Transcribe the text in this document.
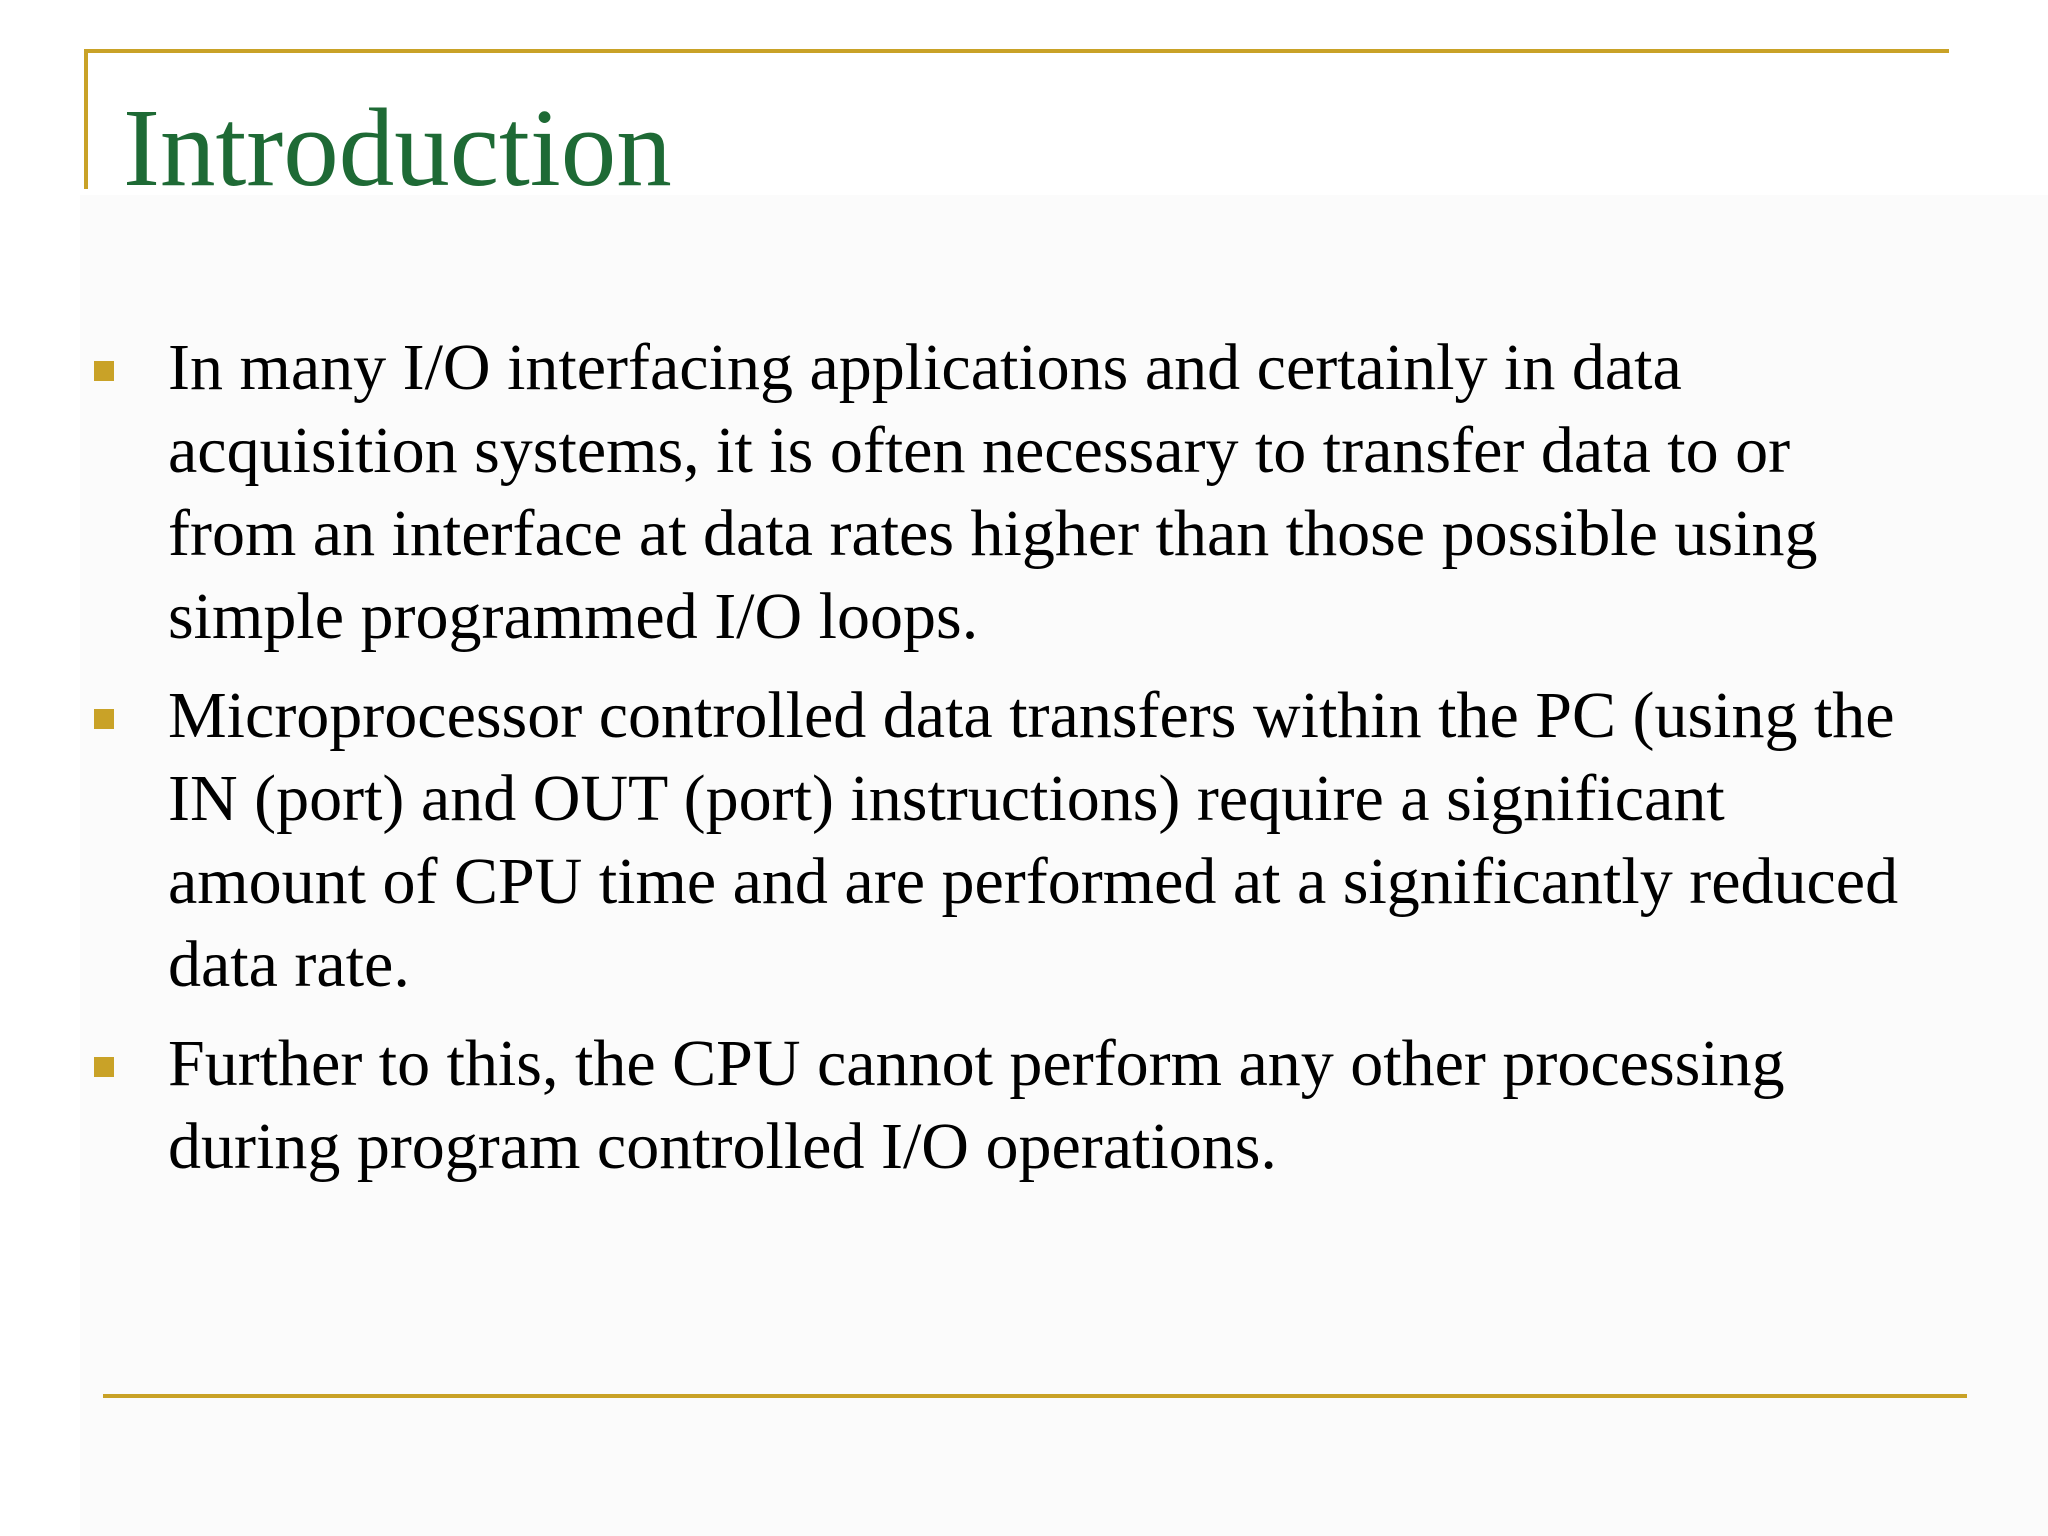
Introduction
In many I/O interfacing applications and certainly in data acquisition systems, it is often necessary to transfer data to or from an interface at data rates higher than those possible using simple programmed I/O loops.
Microprocessor controlled data transfers within the PC (using the IN (port) and OUT (port) instructions) require a significant amount of CPU time and are performed at a significantly reduced data rate.
Further to this, the CPU cannot perform any other processing during program controlled I/O operations.
